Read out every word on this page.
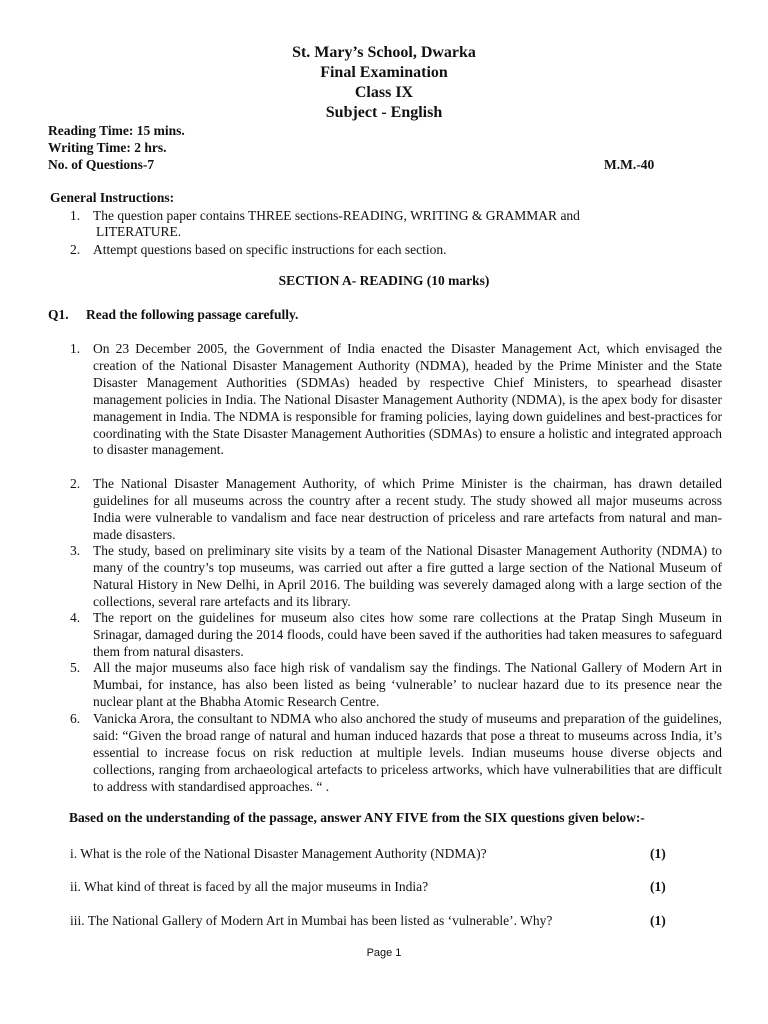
St. Mary’s School, Dwarka
Final Examination
Class IX
Subject - English
Reading Time: 15 mins.
Writing Time: 2 hrs.
No. of Questions-7	M.M.-40
General Instructions:
1. The question paper contains THREE sections-READING, WRITING & GRAMMAR and
LITERATURE.
2. Attempt questions based on specific instructions for each section.
SECTION A- READING (10 marks)
Q1. Read the following passage carefully.
1. On 23 December 2005, the Government of India enacted the Disaster Management Act, which envisaged the creation of the National Disaster Management Authority (NDMA), headed by the Prime Minister and the State Disaster Management Authorities (SDMAs) headed by respective Chief Ministers, to spearhead disaster management policies in India. The National Disaster Management Authority (NDMA), is the apex body for disaster management in India. The NDMA is responsible for framing policies, laying down guidelines and best-practices for coordinating with the State Disaster Management Authorities (SDMAs) to ensure a holistic and integrated approach to disaster management.
2. The National Disaster Management Authority, of which Prime Minister is the chairman, has drawn detailed guidelines for all museums across the country after a recent study. The study showed all major museums across India were vulnerable to vandalism and face near destruction of priceless and rare artefacts from natural and man-made disasters.
3. The study, based on preliminary site visits by a team of the National Disaster Management Authority (NDMA) to many of the country’s top museums, was carried out after a fire gutted a large section of the National Museum of Natural History in New Delhi, in April 2016. The building was severely damaged along with a large section of the collections, several rare artefacts and its library.
4. The report on the guidelines for museum also cites how some rare collections at the Pratap Singh Museum in Srinagar, damaged during the 2014 floods, could have been saved if the authorities had taken measures to safeguard them from natural disasters.
5. All the major museums also face high risk of vandalism say the findings. The National Gallery of Modern Art in Mumbai, for instance, has also been listed as being ‘vulnerable’ to nuclear hazard due to its presence near the nuclear plant at the Bhabha Atomic Research Centre.
6. Vanicka Arora, the consultant to NDMA who also anchored the study of museums and preparation of the guidelines, said: “Given the broad range of natural and human induced hazards that pose a threat to museums across India, it’s essential to increase focus on risk reduction at multiple levels. Indian museums house diverse objects and collections, ranging from archaeological artefacts to priceless artworks, which have vulnerabilities that are difficult to address with standardised approaches. “ .
Based on the understanding of the passage, answer ANY FIVE from the SIX questions given below:-
i. What is the role of the National Disaster Management Authority (NDMA)?	(1)
ii. What kind of threat is faced by all the major museums in India?	(1)
iii. The National Gallery of Modern Art in Mumbai has been listed as ‘vulnerable’. Why?	(1)
Page 1
